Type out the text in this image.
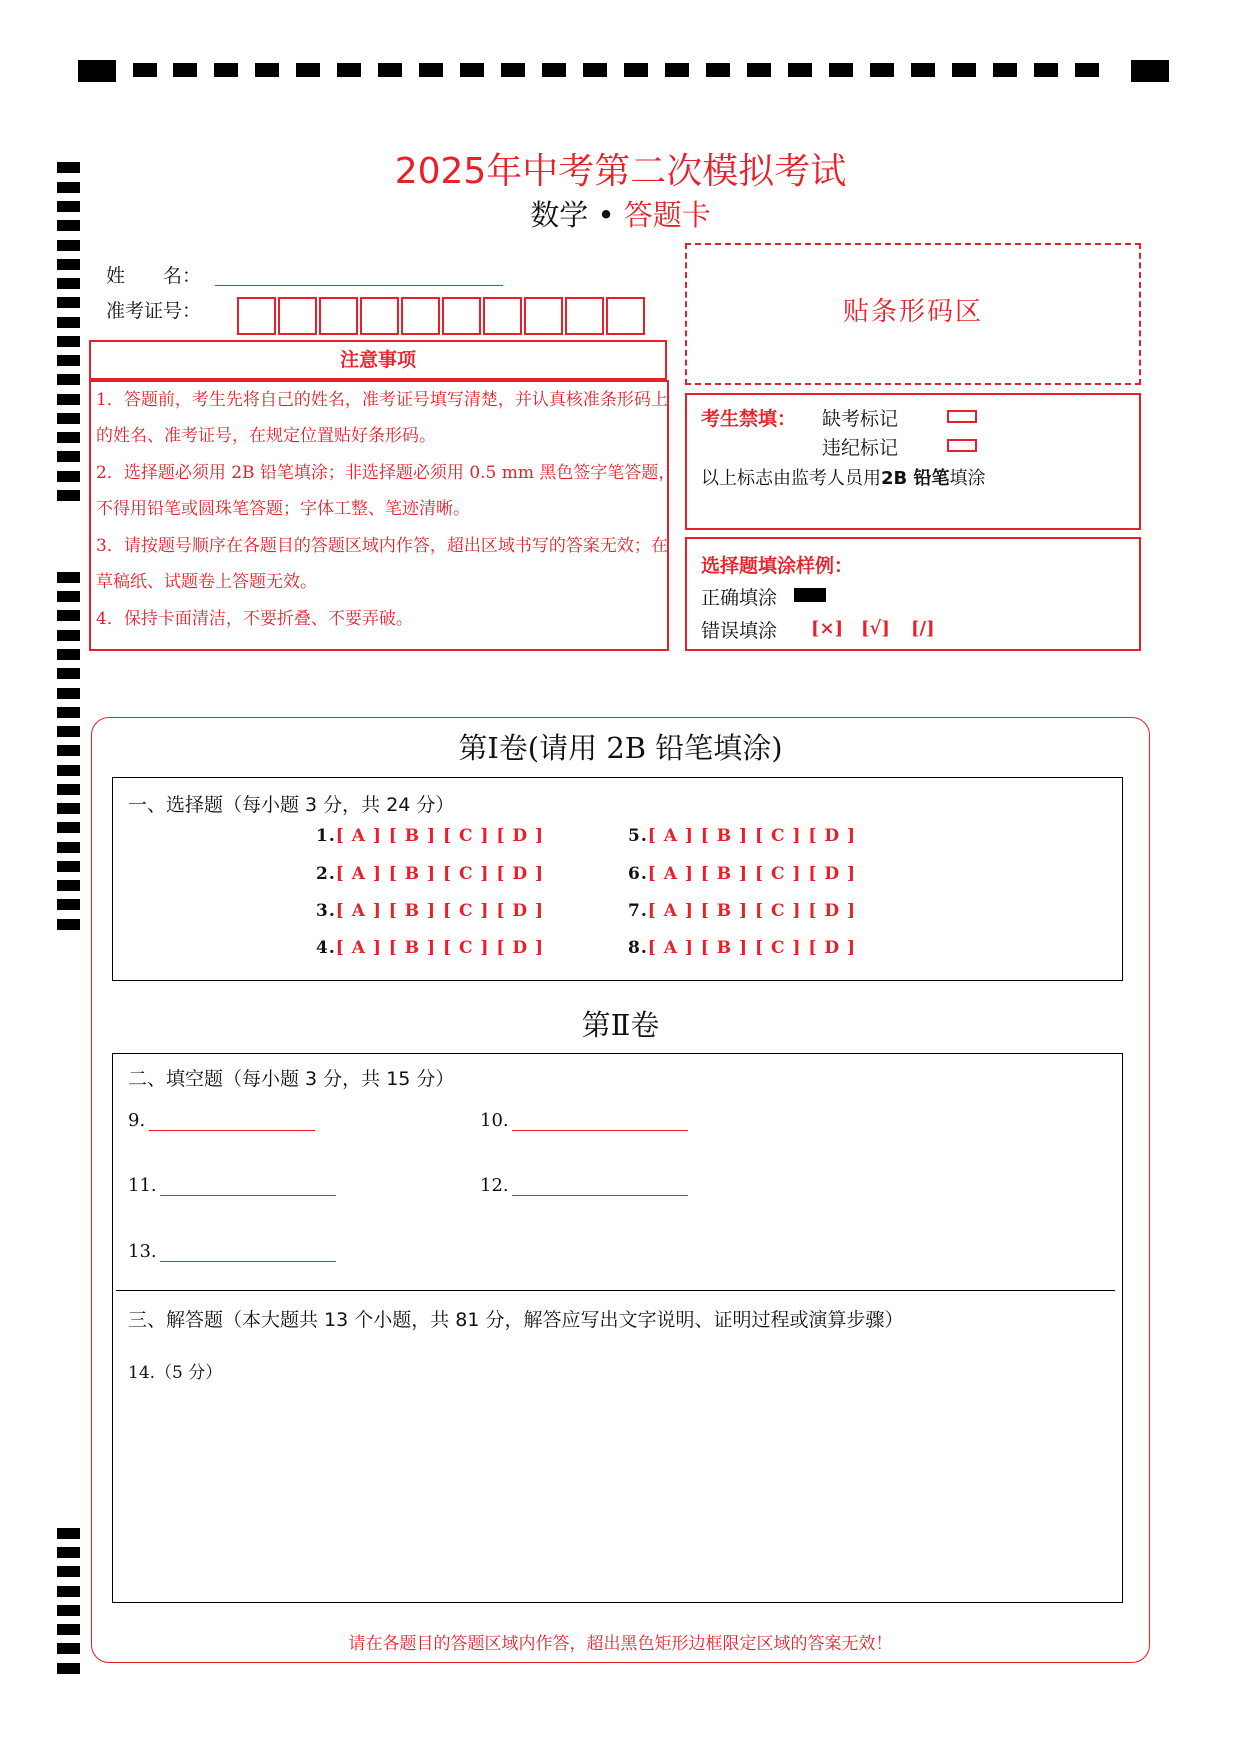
2025年中考第二次模拟考试
数学 • 答题卡
姓　　名：
准考证号：	贴条形码区
注意事项
1．答题前，考生先将自己的姓名，准考证号填写清楚，并认真核准条形码上的姓名、准考证号，在规定位置贴好条形码。
2．选择题必须用 2B 铅笔填涂；非选择题必须用 0.5 mm 黑色签字笔答题，不得用铅笔或圆珠笔答题；字体工整、笔迹清晰。
3．请按题号顺序在各题目的答题区域内作答，超出区域书写的答案无效；在草稿纸、试题卷上答题无效。
4．保持卡面清洁，不要折叠、不要弄破。
考生禁填： 缺考标记
违纪标记
以上标志由监考人员用2B 铅笔填涂
选择题填涂样例：
正确填涂
错误填涂 [×] [√] [/]
第Ⅰ卷(请用 2B 铅笔填涂)
一、选择题（每小题 3 分，共 24 分）
1.[ A ] [ B ] [ C ] [ D ]
2.[ A ] [ B ] [ C ] [ D ]
3.[ A ] [ B ] [ C ] [ D ]
4.[ A ] [ B ] [ C ] [ D ]
5.[ A ] [ B ] [ C ] [ D ]
6.[ A ] [ B ] [ C ] [ D ]
7.[ A ] [ B ] [ C ] [ D ]
8.[ A ] [ B ] [ C ] [ D ]
第Ⅱ卷
二、填空题（每小题 3 分，共 15 分）
9.	10.
11.	12.
13.
三、解答题（本大题共 13 个小题，共 81 分，解答应写出文字说明、证明过程或演算步骤）
14.（5 分）
请在各题目的答题区域内作答，超出黑色矩形边框限定区域的答案无效！
